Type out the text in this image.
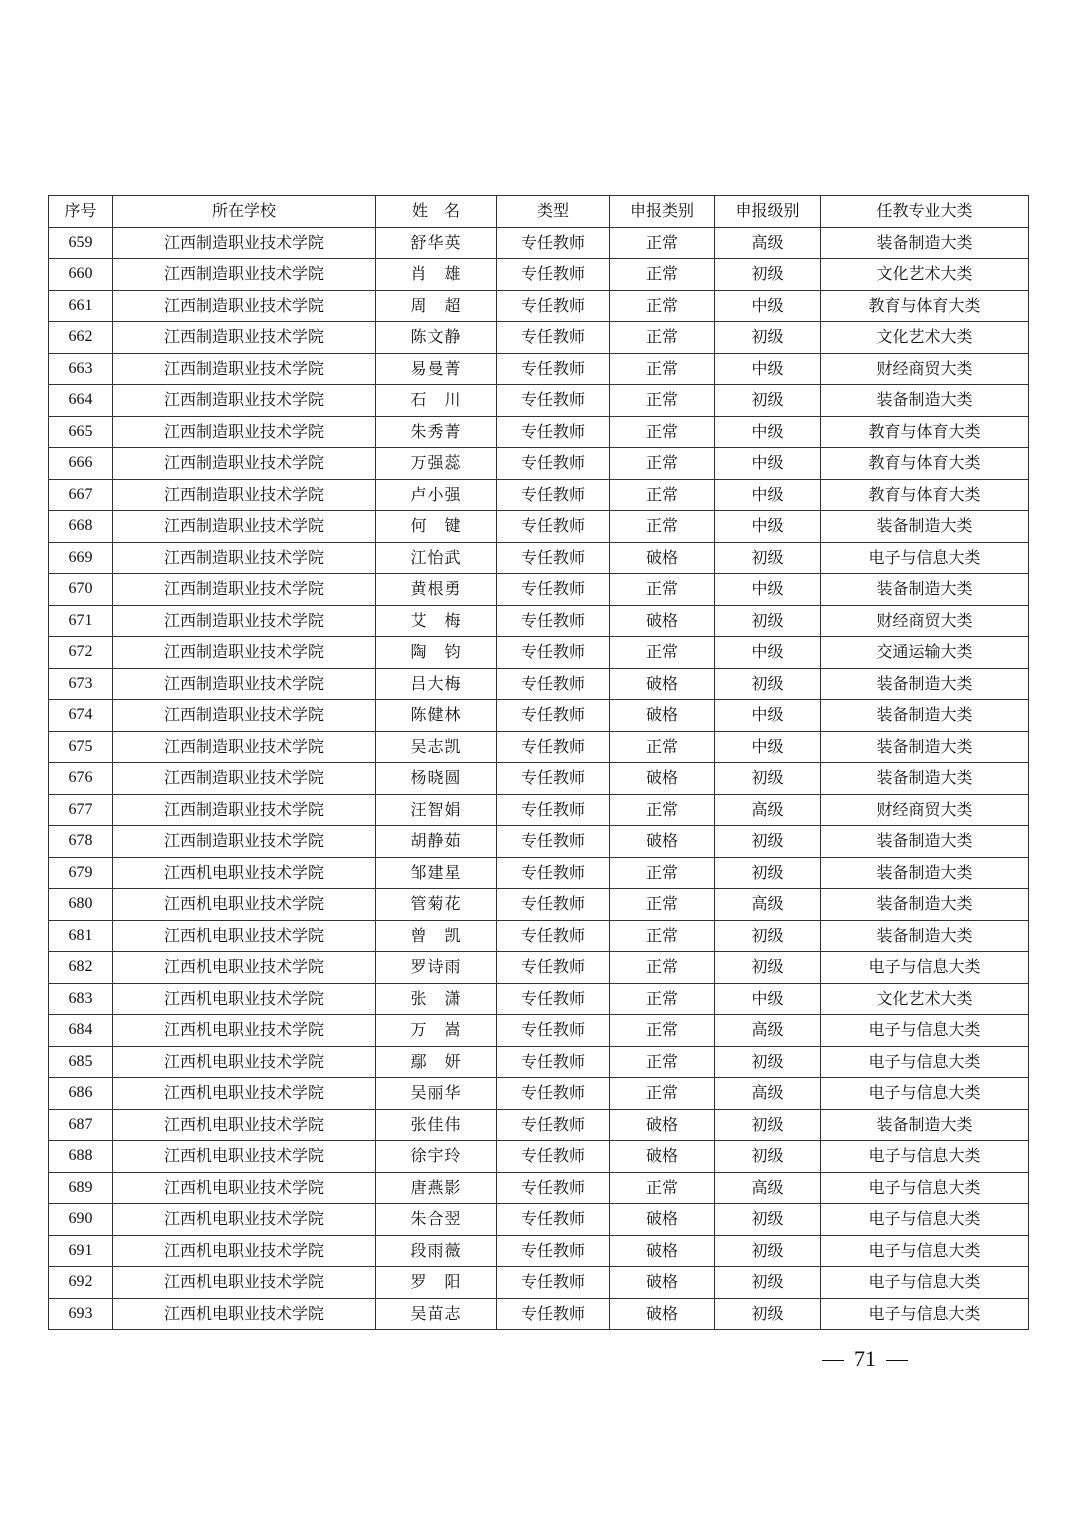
序号	所在学校	姓　名	类型	申报类别	申报级别	任教专业大类
659	江西制造职业技术学院	舒华英	专任教师	正常	高级	装备制造大类
660	江西制造职业技术学院	肖　雄	专任教师	正常	初级	文化艺术大类
661	江西制造职业技术学院	周　超	专任教师	正常	中级	教育与体育大类
662	江西制造职业技术学院	陈文静	专任教师	正常	初级	文化艺术大类
663	江西制造职业技术学院	易曼菁	专任教师	正常	中级	财经商贸大类
664	江西制造职业技术学院	石　川	专任教师	正常	初级	装备制造大类
665	江西制造职业技术学院	朱秀菁	专任教师	正常	中级	教育与体育大类
666	江西制造职业技术学院	万强蕊	专任教师	正常	中级	教育与体育大类
667	江西制造职业技术学院	卢小强	专任教师	正常	中级	教育与体育大类
668	江西制造职业技术学院	何　键	专任教师	正常	中级	装备制造大类
669	江西制造职业技术学院	江怡武	专任教师	破格	初级	电子与信息大类
670	江西制造职业技术学院	黄根勇	专任教师	正常	中级	装备制造大类
671	江西制造职业技术学院	艾　梅	专任教师	破格	初级	财经商贸大类
672	江西制造职业技术学院	陶　钧	专任教师	正常	中级	交通运输大类
673	江西制造职业技术学院	吕大梅	专任教师	破格	初级	装备制造大类
674	江西制造职业技术学院	陈健林	专任教师	破格	中级	装备制造大类
675	江西制造职业技术学院	吴志凯	专任教师	正常	中级	装备制造大类
676	江西制造职业技术学院	杨晓圆	专任教师	破格	初级	装备制造大类
677	江西制造职业技术学院	汪智娟	专任教师	正常	高级	财经商贸大类
678	江西制造职业技术学院	胡静茹	专任教师	破格	初级	装备制造大类
679	江西机电职业技术学院	邹建星	专任教师	正常	初级	装备制造大类
680	江西机电职业技术学院	管菊花	专任教师	正常	高级	装备制造大类
681	江西机电职业技术学院	曾　凯	专任教师	正常	初级	装备制造大类
682	江西机电职业技术学院	罗诗雨	专任教师	正常	初级	电子与信息大类
683	江西机电职业技术学院	张　潇	专任教师	正常	中级	文化艺术大类
684	江西机电职业技术学院	万　嵩	专任教师	正常	高级	电子与信息大类
685	江西机电职业技术学院	鄢　妍	专任教师	正常	初级	电子与信息大类
686	江西机电职业技术学院	吴丽华	专任教师	正常	高级	电子与信息大类
687	江西机电职业技术学院	张佳伟	专任教师	破格	初级	装备制造大类
688	江西机电职业技术学院	徐宇玲	专任教师	破格	初级	电子与信息大类
689	江西机电职业技术学院	唐燕影	专任教师	正常	高级	电子与信息大类
690	江西机电职业技术学院	朱合翌	专任教师	破格	初级	电子与信息大类
691	江西机电职业技术学院	段雨薇	专任教师	破格	初级	电子与信息大类
692	江西机电职业技术学院	罗　阳	专任教师	破格	初级	电子与信息大类
693	江西机电职业技术学院	吴苗志	专任教师	破格	初级	电子与信息大类
71
